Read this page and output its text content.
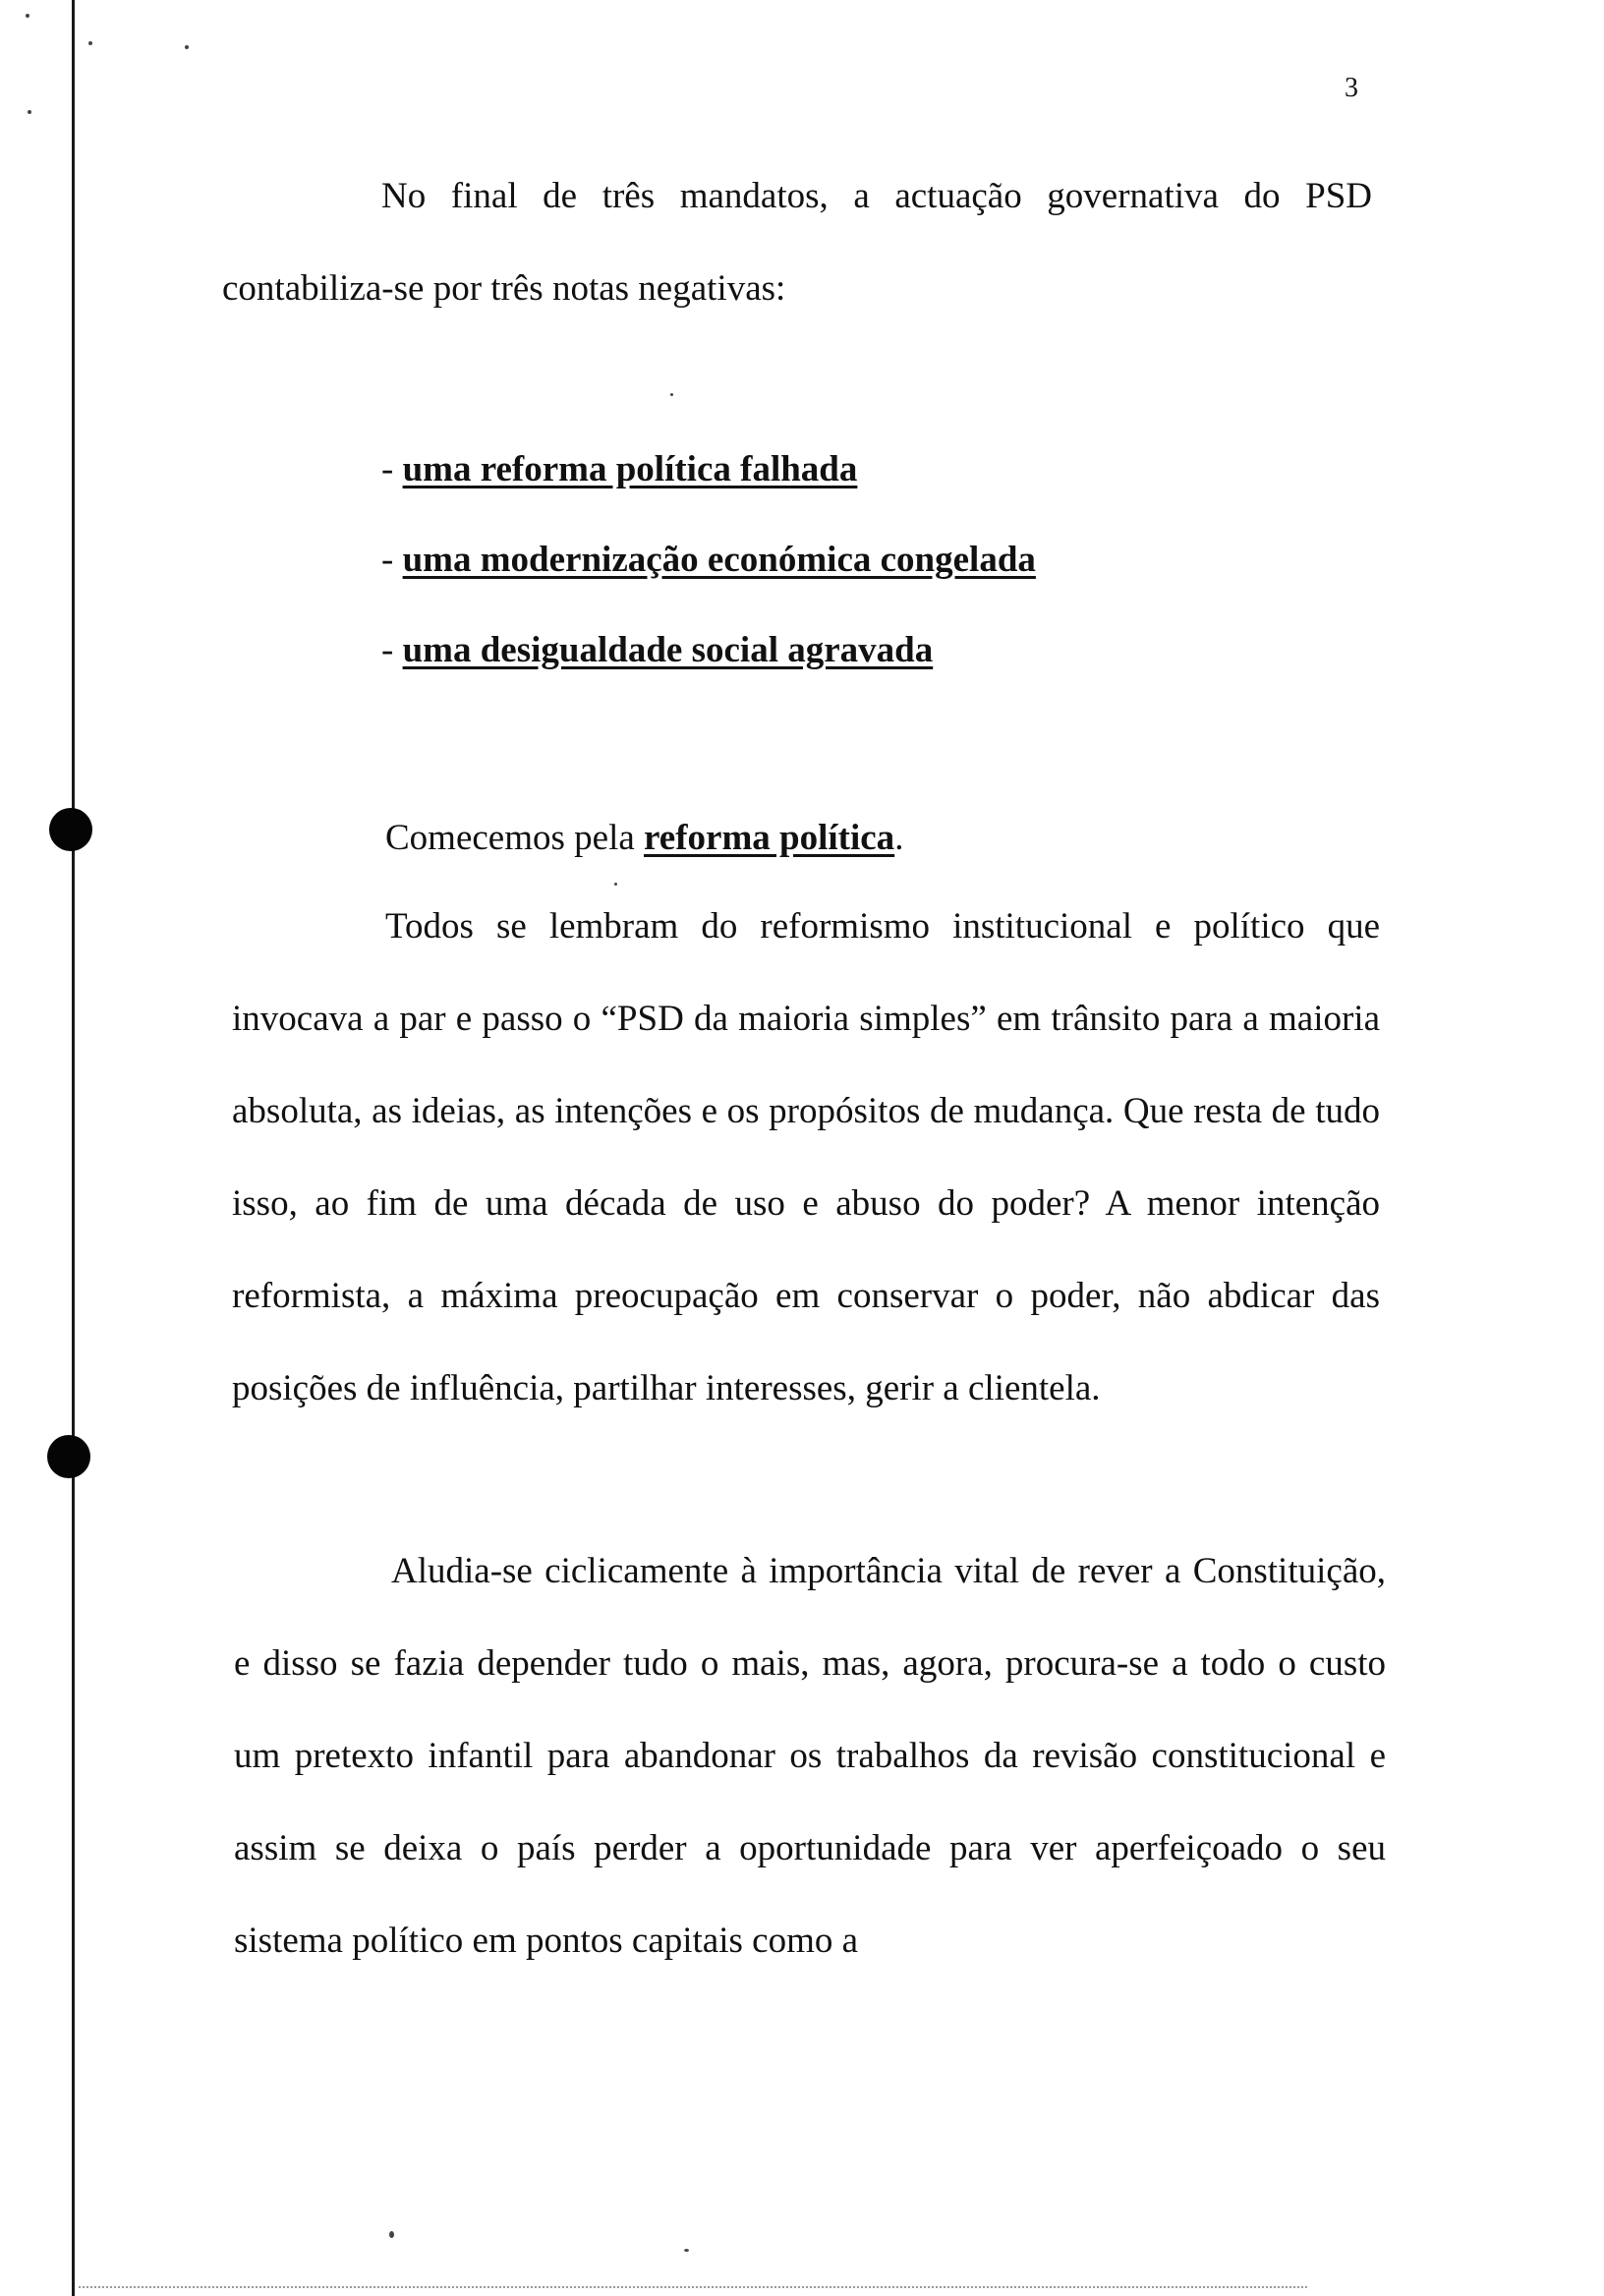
3

No final de três mandatos, a actuação governativa do PSD contabiliza-se por três notas negativas:

- uma reforma política falhada
- uma modernização económica congelada
- uma desigualdade social agravada
Comecemos pela reforma política.

Todos se lembram do reformismo institucional e político que invocava a par e passo o “PSD da maioria simples” em trânsito para a maioria absoluta, as ideias, as intenções e os propósitos de mudança. Que resta de tudo isso, ao fim de uma década de uso e abuso do poder? A menor intenção reformista, a máxima preocupação em conservar o poder, não abdicar das posições de influência, partilhar interesses, gerir a clientela.

Aludia-se ciclicamente à importância vital de rever a Constituição, e disso se fazia depender tudo o mais, mas, agora, procura-se a todo o custo um pretexto infantil para abandonar os trabalhos da revisão constitucional e assim se deixa o país perder a oportunidade para ver aperfeiçoado o seu sistema político em pontos capitais como a
